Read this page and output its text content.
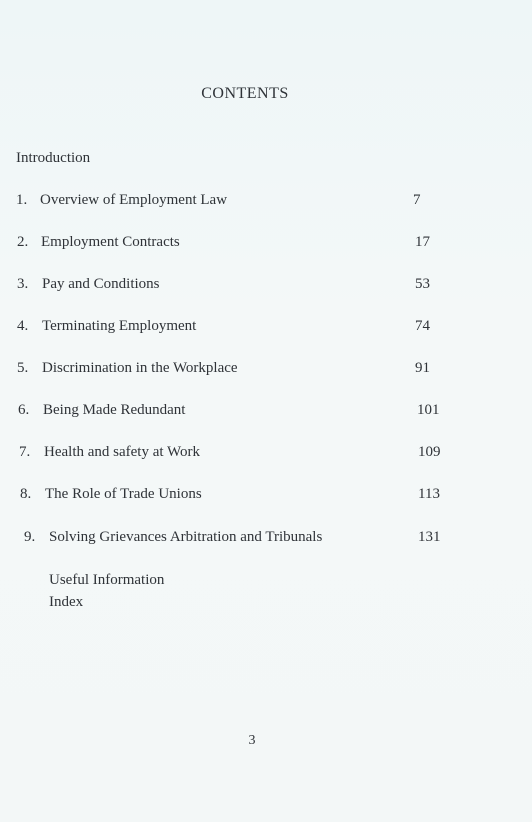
CONTENTS
Introduction
1. Overview of Employment Law	7
2. Employment Contracts	17
3. Pay and Conditions	53
4. Terminating Employment	74
5. Discrimination in the Workplace	91
6. Being Made Redundant	101
7. Health and safety at Work	109
8. The Role of Trade Unions	113
9. Solving Grievances Arbitration and Tribunals	131
Useful Information
Index
3
